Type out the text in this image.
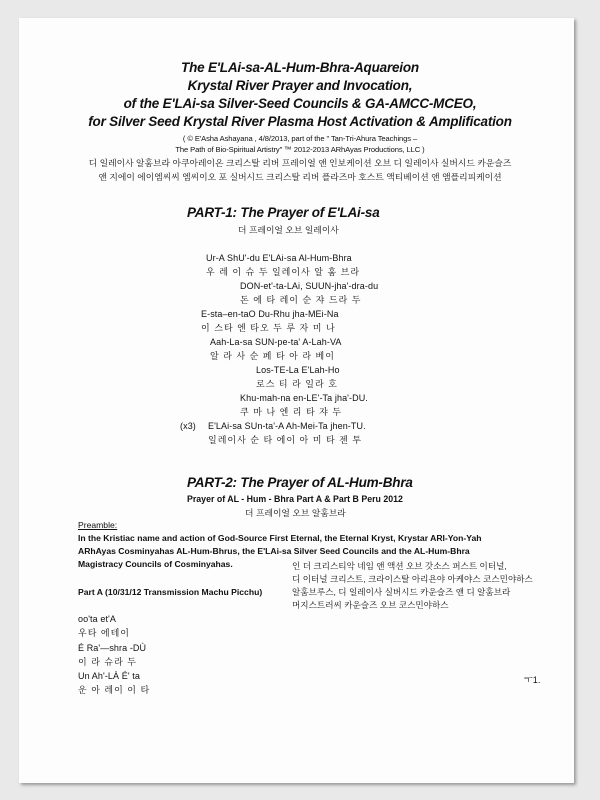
The E'LAi-sa-AL-Hum-Bhra-Aquareion
Krystal River Prayer and Invocation,
of the E'LAi-sa Silver-Seed Councils & GA-AMCC-MCEO,
for Silver Seed Krystal River Plasma Host Activation & Amplification
( © E'Asha Ashayana , 4/8/2013, part of the " Tan-Tri-Ahura Teachings –
The Path of Bio-Spiritual Artistry" ™ 2012-2013 ARhAyas Productions, LLC )
디 일레이사 알훔브라 아쿠아레이온 크리스탈 리버 프레이얼 앤 인보케이션 오브 디 일레이사 실버시드 카운슬즈
앤 지에이 에이엠씨씨 엠씨이오 포 실버시드 크리스탈 리버 플라즈마 호스트 액티베이션 앤 앰플리피케이션
PART-1: The Prayer of E'LAi-sa
더 프레이얼 오브 일레이사
Ur-A ShU'-du E'LAi-sa Al-Hum-Bhra
우 레 이 슈 두 일레이사 알 훔 브라
DON-et'-ta-LAi, SUUN-jha'-dra-du
돈 에 타 레이 순 쟈 드라 두
E-sta–en-taO Du-Rhu jha-MEi-Na
이 스타 엔 타오 두 루 자 미 나
Aah-La-sa SUN-pe-ta' A-Lah-VA
알 라 사 순 페 타 아 라 베이
Los-TE-La E'Lah-Ho
로스 티 라 일라 호
Khu-mah-na en-LE'-Ta jha'-DU.
쿠 마 나 엔 리 타 쟈 두
(x3) E'LAi-sa SUn-ta'-A Ah-Mei-Ta jhen-TU.
일레이사 순 타 에이 아 미 타 젠 투
PART-2: The Prayer of AL-Hum-Bhra
Prayer of AL - Hum - Bhra Part A & Part B Peru 2012
더 프레이얼 오브 알훔브라
Preamble:
In the Kristiac name and action of God-Source First Eternal, the Eternal Kryst, Krystar ARI-Yon-Yah
ARhAyas Cosminyahas AL-Hum-Bhrus, the E'LAi-sa Silver Seed Councils and the AL-Hum-Bhra
Magistracy Councils of Cosminyahas.	인 더 크리스티악 네임 앤 액션 오브 갓소스 퍼스트 이터널,
디 이터널 크리스트, 크라이스탈 아리욘야 아케야스 코스민야하스
알훔브루스, 디 일레이사 실버시드 카운슬즈 앤 디 알훔브라
머지스트러씨 카운슬즈 오브 코스민야하스
Part A (10/31/12 Transmission Machu Picchu)
oo'ta et'A
우타 에테이
É Ra'—shra -DÙ
이 라 슈라 두
Un Ah'-LÀ É' ta
운 아 레이 이 타
ㅜ1.
